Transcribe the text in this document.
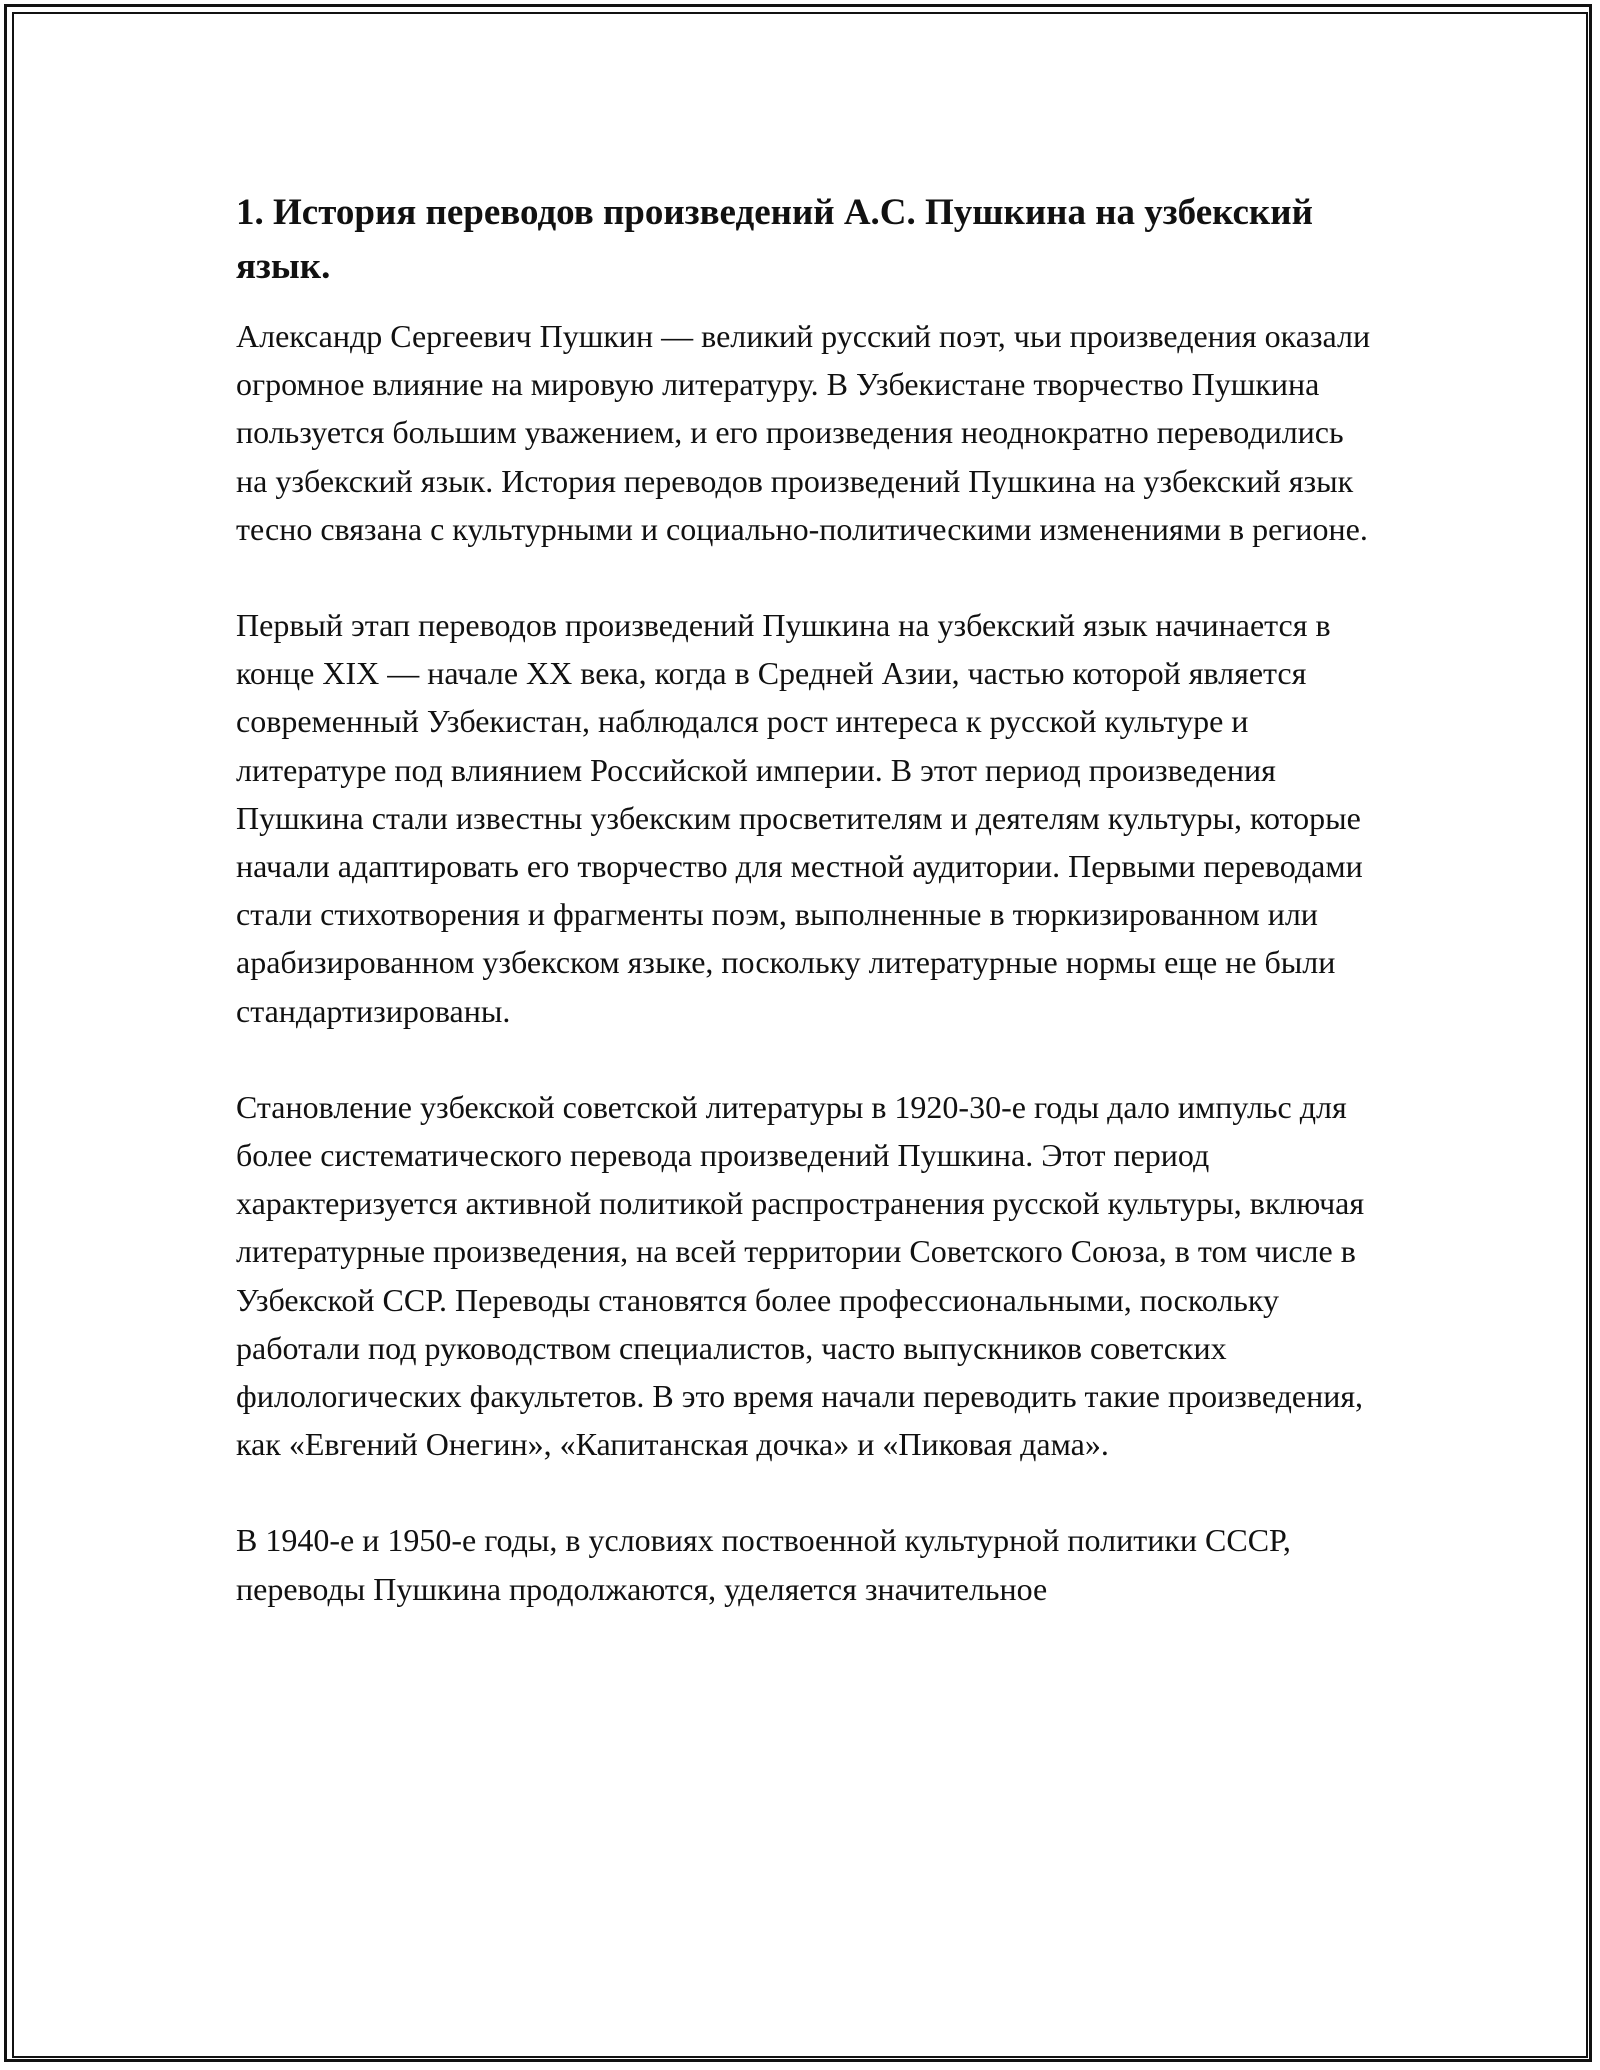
1. История переводов произведений А.С. Пушкина на узбекский язык.

Александр Сергеевич Пушкин — великий русский поэт, чьи произведения оказали огромное влияние на мировую литературу. В Узбекистане творчество Пушкина пользуется большим уважением, и его произведения неоднократно переводились на узбекский язык. История переводов произведений Пушкина на узбекский язык тесно связана с культурными и социально-политическими изменениями в регионе.

Первый этап переводов произведений Пушкина на узбекский язык начинается в конце XIX — начале XX века, когда в Средней Азии, частью которой является современный Узбекистан, наблюдался рост интереса к русской культуре и литературе под влиянием Российской империи. В этот период произведения Пушкина стали известны узбекским просветителям и деятелям культуры, которые начали адаптировать его творчество для местной аудитории. Первыми переводами стали стихотворения и фрагменты поэм, выполненные в тюркизированном или арабизированном узбекском языке, поскольку литературные нормы еще не были стандартизированы.

Становление узбекской советской литературы в 1920-30-е годы дало импульс для более систематического перевода произведений Пушкина. Этот период характеризуется активной политикой распространения русской культуры, включая литературные произведения, на всей территории Советского Союза, в том числе в Узбекской ССР. Переводы становятся более профессиональными, поскольку работали под руководством специалистов, часто выпускников советских филологических факультетов. В это время начали переводить такие произведения, как «Евгений Онегин», «Капитанская дочка» и «Пиковая дама».

В 1940-е и 1950-е годы, в условиях поствоенной культурной политики СССР, переводы Пушкина продолжаются, уделяется значительное
